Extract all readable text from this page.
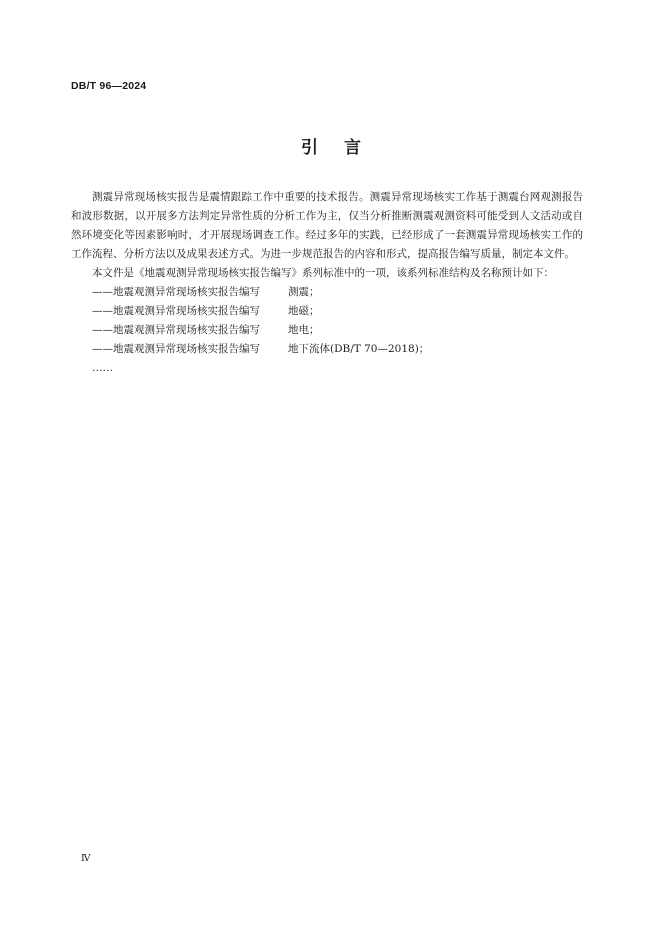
DB/T 96—2024
引言

测震异常现场核实报告是震情跟踪工作中重要的技术报告。测震异常现场核实工作基于测震台网观测报告和波形数据，以开展多方法判定异常性质的分析工作为主，仅当分析推断测震观测资料可能受到人文活动或自然环境变化等因素影响时，才开展现场调查工作。经过多年的实践，已经形成了一套测震异常现场核实工作的工作流程、分析方法以及成果表述方式。为进一步规范报告的内容和形式，提高报告编写质量，制定本文件。

本文件是《地震观测异常现场核实报告编写》系列标准中的一项，该系列标准结构及名称预计如下：

——地震观测异常现场核实报告编写	测震；

——地震观测异常现场核实报告编写	地磁；

——地震观测异常现场核实报告编写	地电；

——地震观测异常现场核实报告编写	地下流体(DB/T 70—2018)；

……

Ⅳ
